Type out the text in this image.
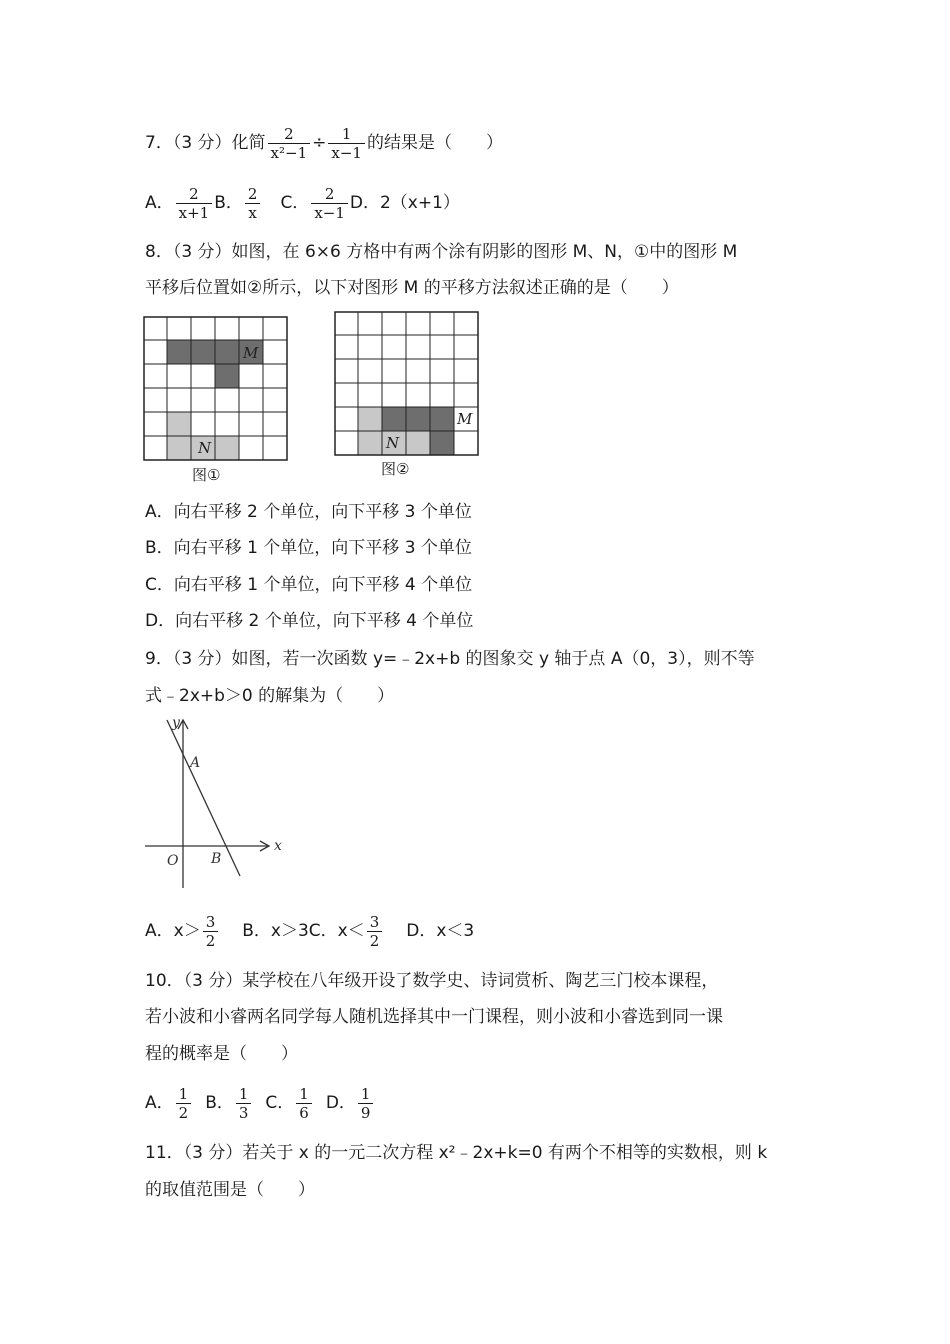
7．（3 分）化简 $\frac{2}{\text{x²−1}} \div \frac{1}{x-1}$ 的结果是（　　）
A． $\frac{2}{x+1}$ B． $\frac{2}{x}$ C． $\frac{2}{x-1}$ D．2（x+1）
8．（3 分）如图，在 6×6 方格中有两个涂有阴影的图形 M、N，①中的图形 M
平移后位置如②所示，以下对图形 M 的平移方法叙述正确的是（　　）
M
N
图①
M
N
图②
A．向右平移 2 个单位，向下平移 3 个单位
B．向右平移 1 个单位，向下平移 3 个单位
C．向右平移 1 个单位，向下平移 4 个单位
D．向右平移 2 个单位，向下平移 4 个单位
9．（3 分）如图，若一次函数 y=﹣2x+b 的图象交 y 轴于点 A（0，3），则不等
式﹣2x+b＞0 的解集为（　　）
y
x
A
B
O
A．$x> \frac{3}{2}$ B．x＞3C．$x< \frac{3}{2}$ D．x＜3
10．（3 分）某学校在八年级开设了数学史、诗词赏析、陶艺三门校本课程，
若小波和小睿两名同学每人随机选择其中一门课程，则小波和小睿选到同一课
程的概率是（　　）
A． $\frac{1}{2}$ B． $\frac{1}{3}$ C． $\frac{1}{6}$ D． $\frac{1}{9}$
11．（3 分）若关于 x 的一元二次方程 x²﹣2x+k=0 有两个不相等的实数根，则 k
的取值范围是（　　）
